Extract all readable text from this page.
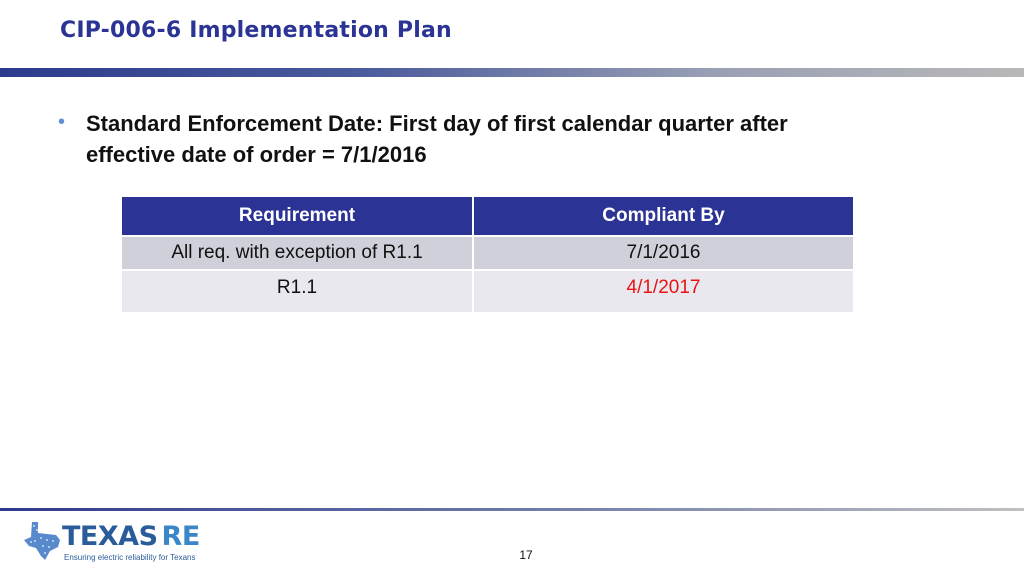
CIP-006-6 Implementation Plan
• Standard Enforcement Date: First day of first calendar quarter after effective date of order = 7/1/2016
Requirement	Compliant By
All req. with exception of R1.1	7/1/2016
R1.1	4/1/2017
TEXAS RE
Ensuring electric reliability for Texans	17
